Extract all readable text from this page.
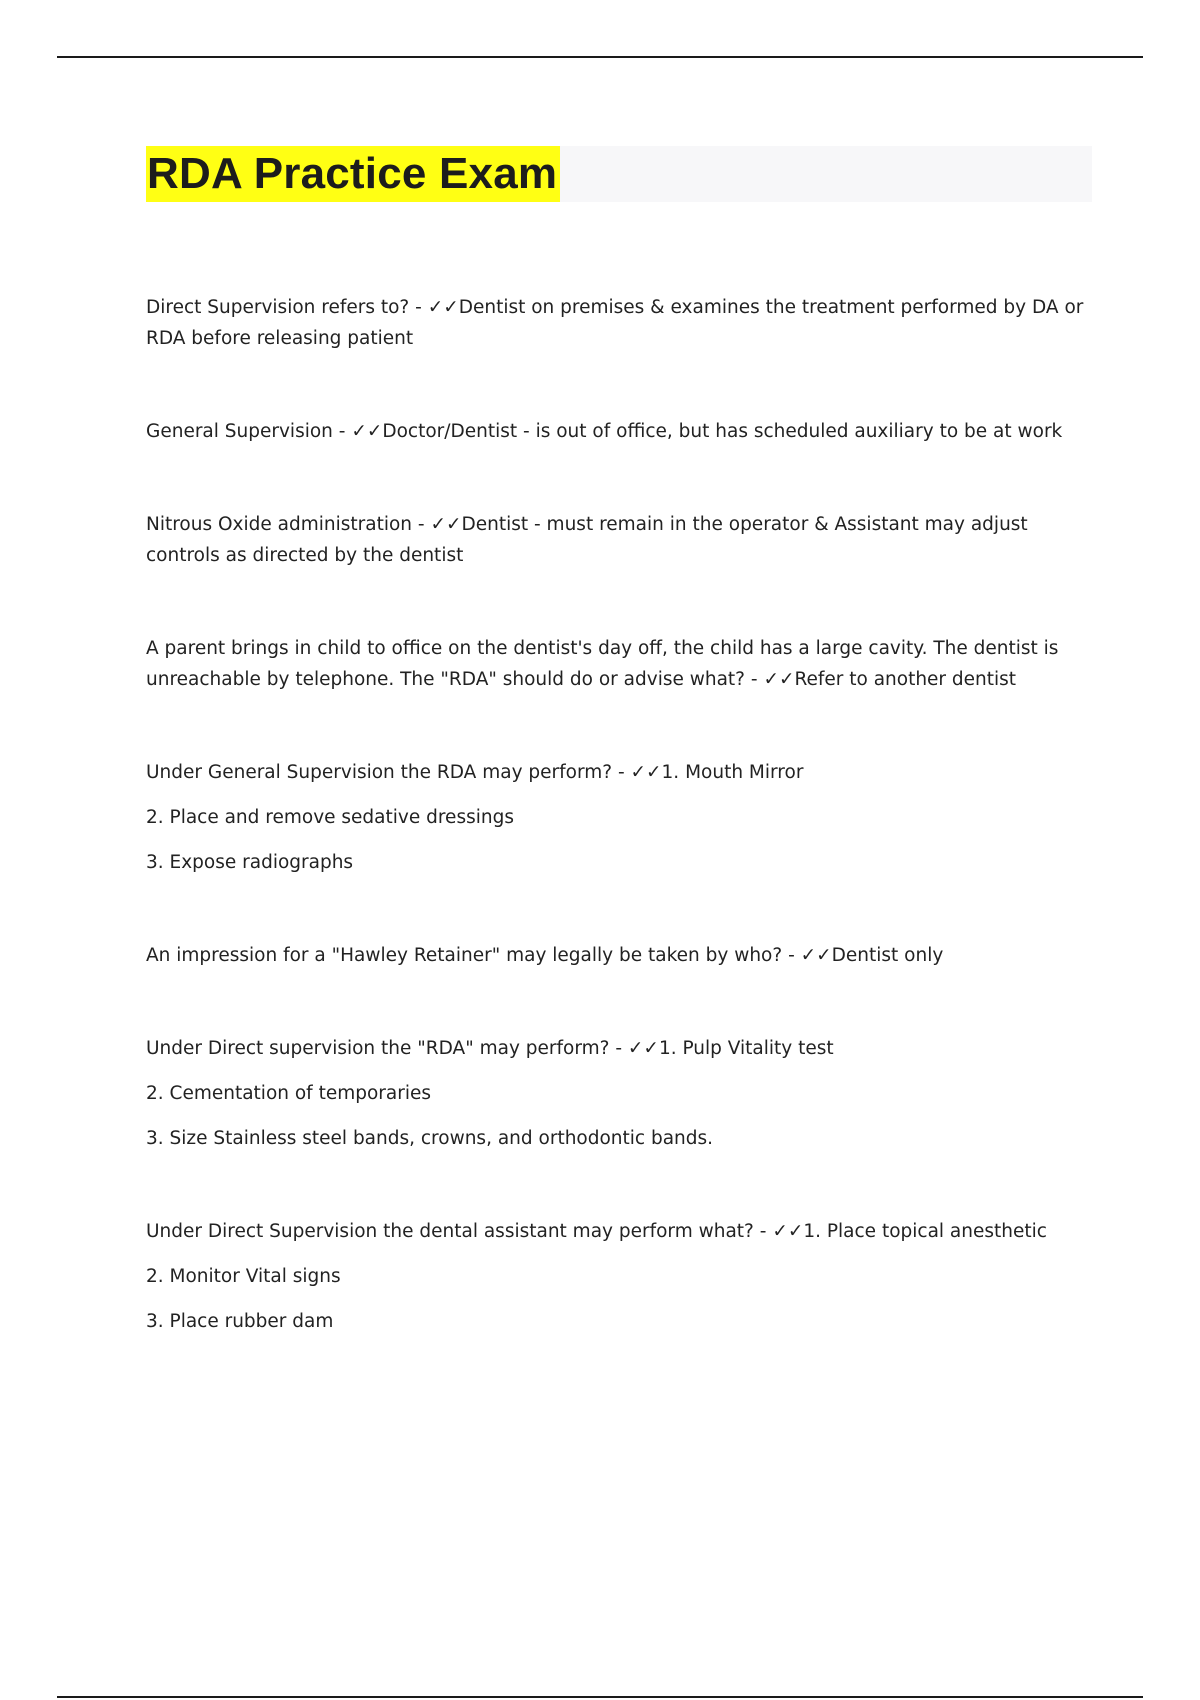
RDA Practice Exam

Direct Supervision refers to? - ✓✓Dentist on premises & examines the treatment performed by DA or RDA before releasing patient

General Supervision - ✓✓Doctor/Dentist - is out of office, but has scheduled auxiliary to be at work

Nitrous Oxide administration - ✓✓Dentist - must remain in the operator & Assistant may adjust controls as directed by the dentist

A parent brings in child to office on the dentist's day off, the child has a large cavity. The dentist is unreachable by telephone. The "RDA" should do or advise what? - ✓✓Refer to another dentist

Under General Supervision the RDA may perform? - ✓✓1. Mouth Mirror

2. Place and remove sedative dressings

3. Expose radiographs

An impression for a "Hawley Retainer" may legally be taken by who? - ✓✓Dentist only

Under Direct supervision the "RDA" may perform? - ✓✓1. Pulp Vitality test

2. Cementation of temporaries

3. Size Stainless steel bands, crowns, and orthodontic bands.

Under Direct Supervision the dental assistant may perform what? - ✓✓1. Place topical anesthetic

2. Monitor Vital signs

3. Place rubber dam
